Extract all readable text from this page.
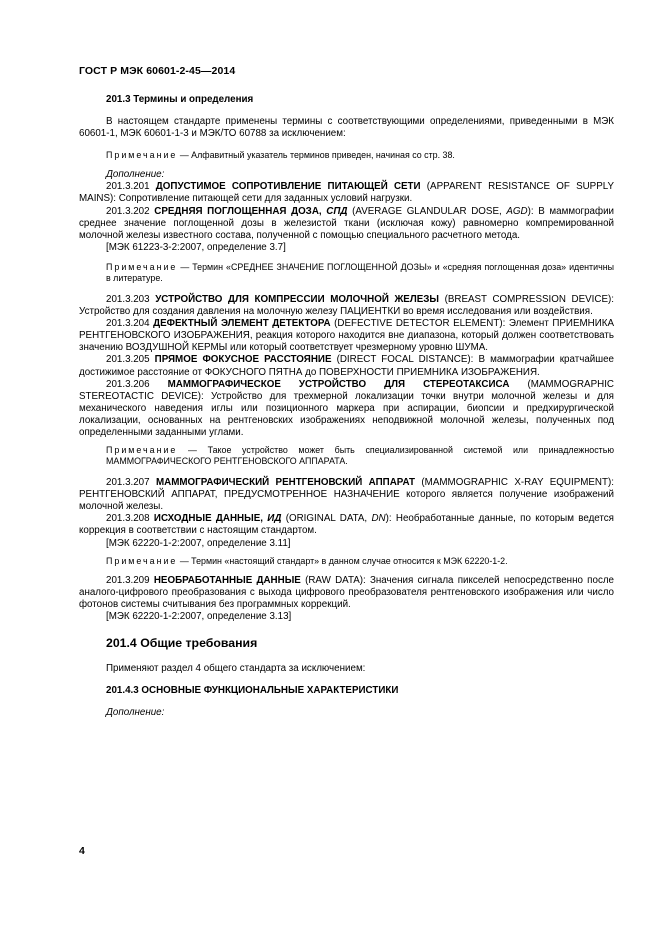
ГОСТ Р МЭК 60601-2-45—2014

201.3 Термины и определения

В настоящем стандарте применены термины с соответствующими определениями, приведенными в МЭК 60601-1, МЭК 60601-1-3 и МЭК/ТО 60788 за исключением:

Примечание — Алфавитный указатель терминов приведен, начиная со стр. 38.

Дополнение:

201.3.201 ДОПУСТИМОЕ СОПРОТИВЛЕНИЕ ПИТАЮЩЕЙ СЕТИ (APPARENT RESISTANCE OF SUPPLY MAINS): Сопротивление питающей сети для заданных условий нагрузки.

201.3.202 СРЕДНЯЯ ПОГЛОЩЕННАЯ ДОЗА, СПД (AVERAGE GLANDULAR DOSE, AGD): В маммографии среднее значение поглощенной дозы в железистой ткани (исключая кожу) равномерно компремированной молочной железы известного состава, полученной с помощью специального расчетного метода.

[МЭК 61223-3-2:2007, определение 3.7]

Примечание — Термин «СРЕДНЕЕ ЗНАЧЕНИЕ ПОГЛОЩЕННОЙ ДОЗЫ» и «средняя поглощенная доза» идентичны в литературе.

201.3.203 УСТРОЙСТВО ДЛЯ КОМПРЕССИИ МОЛОЧНОЙ ЖЕЛЕЗЫ (BREAST COMPRESSION DEVICE): Устройство для создания давления на молочную железу ПАЦИЕНТКИ во время исследования или воздействия.

201.3.204 ДЕФЕКТНЫЙ ЭЛЕМЕНТ ДЕТЕКТОРА (DEFECTIVE DETECTOR ELEMENT): Элемент ПРИЕМНИКА РЕНТГЕНОВСКОГО ИЗОБРАЖЕНИЯ, реакция которого находится вне диапазона, который должен соответствовать значению ВОЗДУШНОЙ КЕРМЫ или который соответствует чрезмерному уровню ШУМА.

201.3.205 ПРЯМОЕ ФОКУСНОЕ РАССТОЯНИЕ (DIRECT FOCAL DISTANCE): В маммографии кратчайшее достижимое расстояние от ФОКУСНОГО ПЯТНА до ПОВЕРХНОСТИ ПРИЕМНИКА ИЗОБРАЖЕНИЯ.

201.3.206 МАММОГРАФИЧЕСКОЕ УСТРОЙСТВО ДЛЯ СТЕРЕОТАКСИСА (MAMMOGRAPHIC STEREOTACTIC DEVICE): Устройство для трехмерной локализации точки внутри молочной железы и для механического наведения иглы или позиционного маркера при аспирации, биопсии и предхирургической локализации, основанных на рентгеновских изображениях неподвижной молочной железы, полученных под определенными заданными углами.

Примечание — Такое устройство может быть специализированной системой или принадлежностью МАММОГРАФИЧЕСКОГО РЕНТГЕНОВСКОГО АППАРАТА.

201.3.207 МАММОГРАФИЧЕСКИЙ РЕНТГЕНОВСКИЙ АППАРАТ (MAMMOGRAPHIC X-RAY EQUIPMENT): РЕНТГЕНОВСКИЙ АППАРАТ, ПРЕДУСМОТРЕННОЕ НАЗНАЧЕНИЕ которого является получение изображений молочной железы.

201.3.208 ИСХОДНЫЕ ДАННЫЕ, ИД (ORIGINAL DATA, DN): Необработанные данные, по которым ведется коррекция в соответствии с настоящим стандартом.

[МЭК 62220-1-2:2007, определение 3.11]

Примечание — Термин «настоящий стандарт» в данном случае относится к МЭК 62220-1-2.

201.3.209 НЕОБРАБОТАННЫЕ ДАННЫЕ (RAW DATA): Значения сигнала пикселей непосредственно после аналого-цифрового преобразования с выхода цифрового преобразователя рентгеновского изображения или число фотонов системы считывания без программных коррекций.

[МЭК 62220-1-2:2007, определение 3.13]

201.4 Общие требования

Применяют раздел 4 общего стандарта за исключением:

201.4.3 ОСНОВНЫЕ ФУНКЦИОНАЛЬНЫЕ ХАРАКТЕРИСТИКИ

Дополнение:

4
